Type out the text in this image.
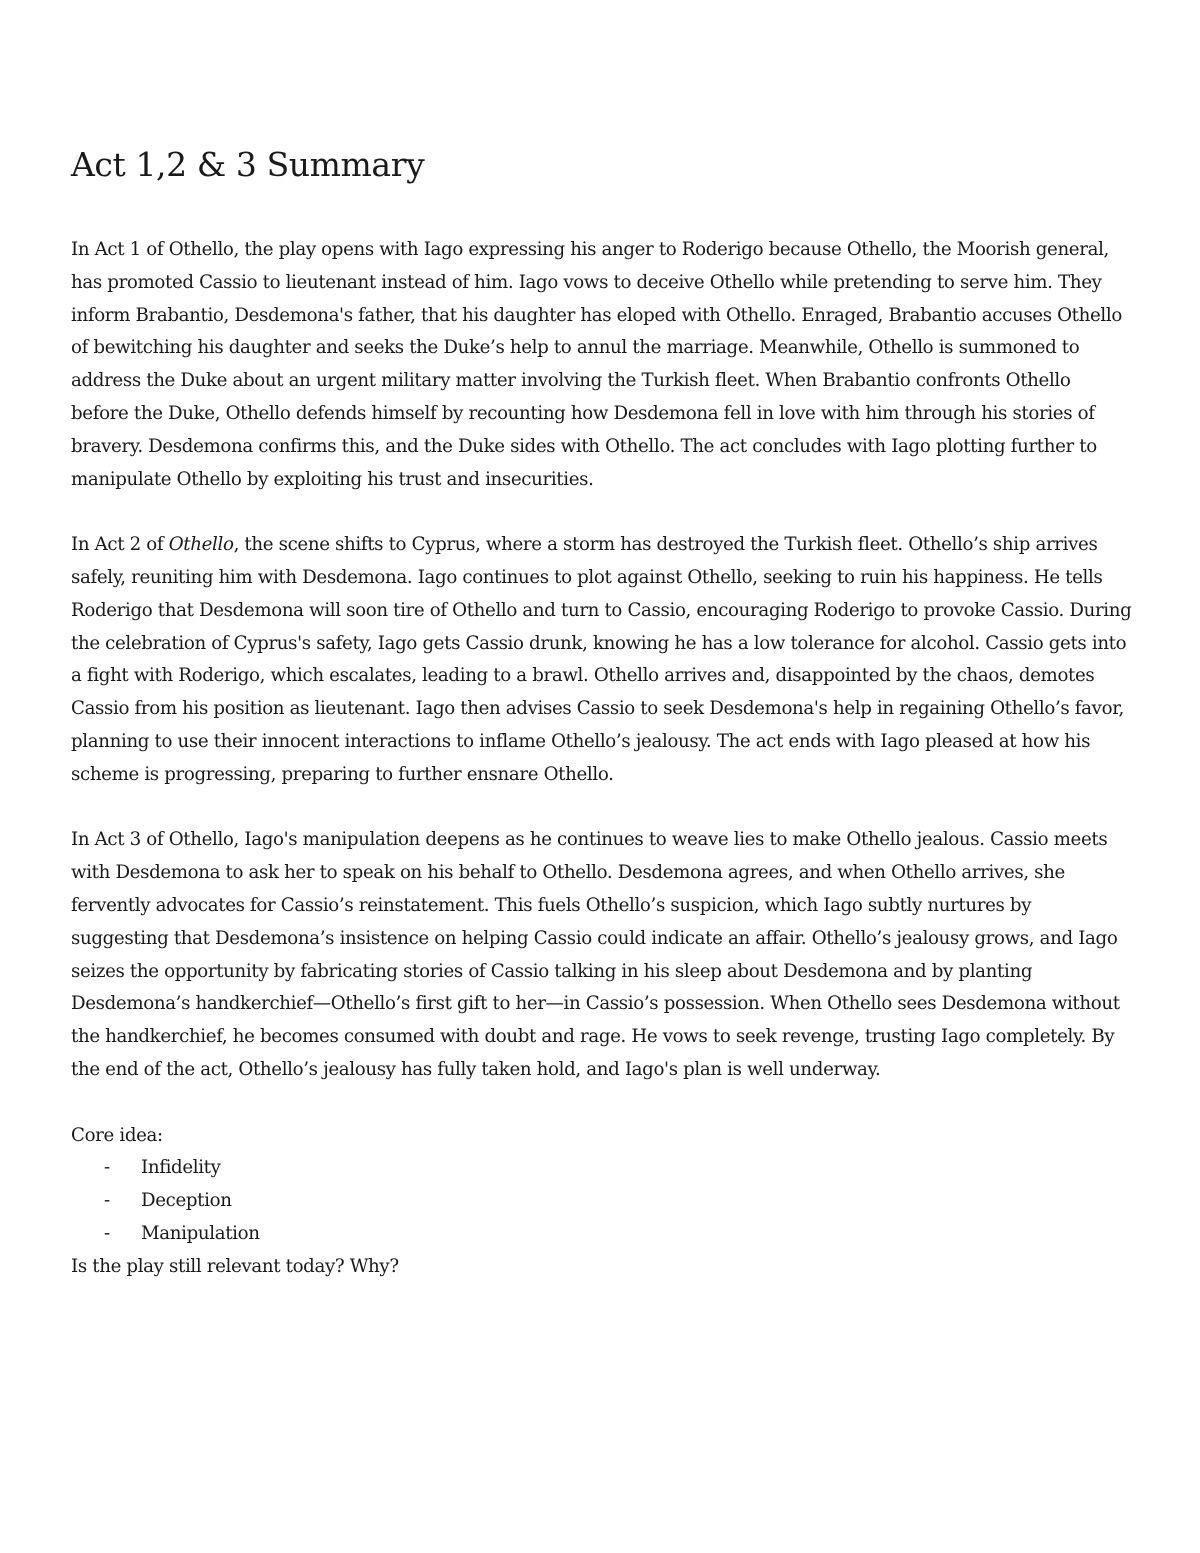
Act 1,2 & 3 Summary

In Act 1 of Othello, the play opens with Iago expressing his anger to Roderigo because Othello, the Moorish general, has promoted Cassio to lieutenant instead of him. Iago vows to deceive Othello while pretending to serve him. They inform Brabantio, Desdemona's father, that his daughter has eloped with Othello. Enraged, Brabantio accuses Othello of bewitching his daughter and seeks the Duke’s help to annul the marriage. Meanwhile, Othello is summoned to address the Duke about an urgent military matter involving the Turkish fleet. When Brabantio confronts Othello before the Duke, Othello defends himself by recounting how Desdemona fell in love with him through his stories of bravery. Desdemona confirms this, and the Duke sides with Othello. The act concludes with Iago plotting further to manipulate Othello by exploiting his trust and insecurities.

In Act 2 of Othello, the scene shifts to Cyprus, where a storm has destroyed the Turkish fleet. Othello’s ship arrives safely, reuniting him with Desdemona. Iago continues to plot against Othello, seeking to ruin his happiness. He tells Roderigo that Desdemona will soon tire of Othello and turn to Cassio, encouraging Roderigo to provoke Cassio. During the celebration of Cyprus's safety, Iago gets Cassio drunk, knowing he has a low tolerance for alcohol. Cassio gets into a fight with Roderigo, which escalates, leading to a brawl. Othello arrives and, disappointed by the chaos, demotes Cassio from his position as lieutenant. Iago then advises Cassio to seek Desdemona's help in regaining Othello’s favor, planning to use their innocent interactions to inflame Othello’s jealousy. The act ends with Iago pleased at how his scheme is progressing, preparing to further ensnare Othello.

In Act 3 of Othello, Iago's manipulation deepens as he continues to weave lies to make Othello jealous. Cassio meets with Desdemona to ask her to speak on his behalf to Othello. Desdemona agrees, and when Othello arrives, she fervently advocates for Cassio’s reinstatement. This fuels Othello’s suspicion, which Iago subtly nurtures by suggesting that Desdemona’s insistence on helping Cassio could indicate an affair. Othello’s jealousy grows, and Iago seizes the opportunity by fabricating stories of Cassio talking in his sleep about Desdemona and by planting Desdemona’s handkerchief—Othello’s first gift to her—in Cassio’s possession. When Othello sees Desdemona without the handkerchief, he becomes consumed with doubt and rage. He vows to seek revenge, trusting Iago completely. By the end of the act, Othello’s jealousy has fully taken hold, and Iago's plan is well underway.

Core idea:
- Infidelity
- Deception
- Manipulation
Is the play still relevant today? Why?
